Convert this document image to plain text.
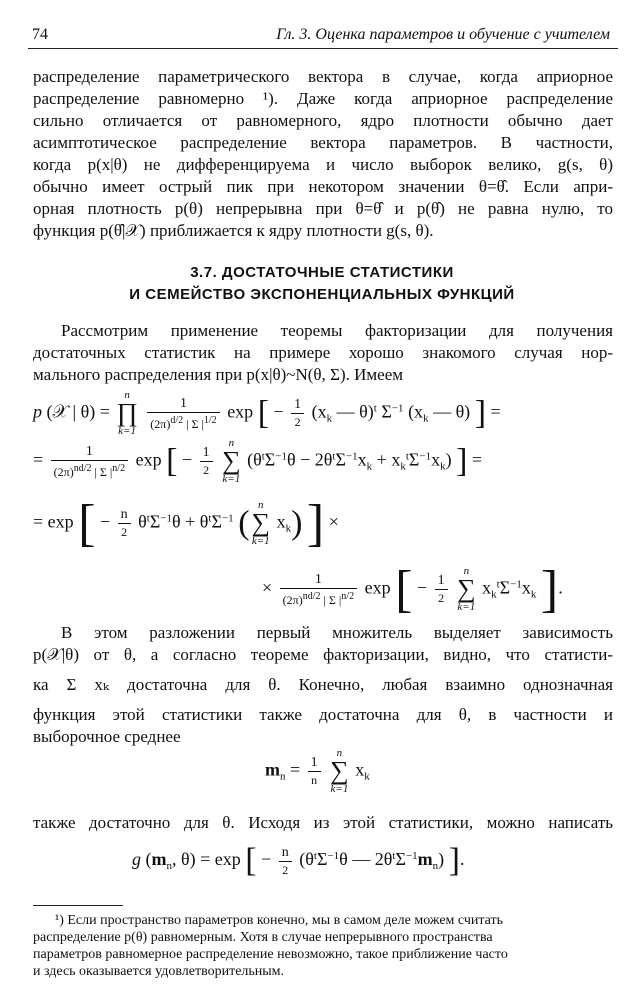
74	Гл. 3. Оценка параметров и обучение с учителем
распределение параметрического вектора в случае, когда априорное
распределение равномерно ¹). Даже когда априорное распределение
сильно отличается от равномерного, ядро плотности обычно дает
асимптотическое распределение вектора параметров. В частности,
когда p(x|θ) не дифференцируема и число выборок велико, g(s, θ)
обычно имеет острый пик при некотором значении θ=θ̂. Если апри-
орная плотность p(θ) непрерывна при θ=θ̂ и p(θ̂) не равна нулю, то
функция p(θ̂|𝒳) приближается к ядру плотности g(s, θ).
3.7. ДОСТАТОЧНЫЕ СТАТИСТИКИ
И СЕМЕЙСТВО ЭКСПОНЕНЦИАЛЬНЫХ ФУНКЦИЙ
Рассмотрим применение теоремы факторизации для получения
достаточных статистик на примере хорошо знакомого случая нор-
мального распределения при p(x|θ)~N(θ, Σ). Имеем
p (𝒳 | θ) =
n
∏
k=1
$\frac{1}{(2\pi)^{d/2} | \Sigma |^{1/2}}$ exp [ − $\frac{1}{2} (x_k$ — θ)$^t$ $\Sigma^{-1}$ ($x_k$ — θ) ] =
= $\frac{1}{(2\pi)^{nd/2} | \Sigma |^{n/2}}$ exp [ − $\frac{1}{2}$

n
∑
k=1
$(\theta^t\Sigma^{-1}\theta - 2\theta^t\Sigma^{-1}x_k + x_k^t\Sigma^{-1}x_k)$ ] =
= exp [ − $\frac{n}{2} \theta^t\Sigma^{-1}\theta + \theta^t\Sigma^{-1}$ ( n
∑
k=1
$x_k$) ] ×
× $\frac{1}{(2\pi)^{nd/2} | \Sigma |^{n/2}}$ exp [ − $\frac{1}{2}$

n
∑
k=1
$x_k^t\Sigma^{-1}x_k$ ].
В этом разложении первый множитель выделяет зависимость
p(𝒳|θ) от θ, а согласно теореме факторизации, видно, что статисти-
ка Σ xₖ достаточна для θ. Конечно, любая взаимно однозначная
функция этой статистики также достаточна для θ, в частности и
выборочное среднее
$m_n = \frac{1}{n}$

n
∑
k=1
$x_k$
также достаточно для θ. Исходя из этой статистики, можно написать
g ($m_n$, θ) = exp [ − $\frac{n}{2} (\theta^t\Sigma^{-1}\theta$ — $2\theta^t\Sigma^{-1}m_n$) ].
¹) Если пространство параметров конечно, мы в самом деле можем считать
распределение p(θ) равномерным. Хотя в случае непрерывного пространства
параметров равномерное распределение невозможно, такое приближение часто
и здесь оказывается удовлетворительным.
